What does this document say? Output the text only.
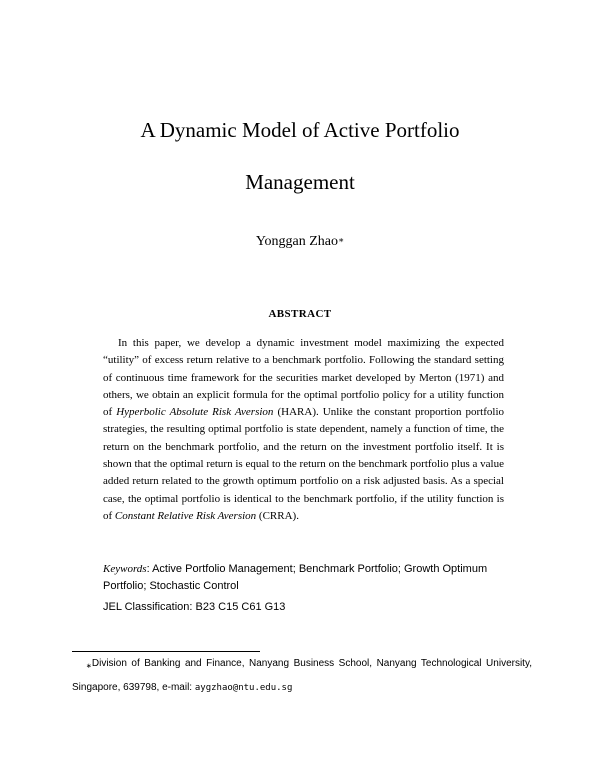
A Dynamic Model of Active Portfolio
Management
Yonggan Zhao∗
ABSTRACT

In this paper, we develop a dynamic investment model maximizing the expected “utility” of excess return relative to a benchmark portfolio. Following the standard setting of continuous time framework for the securities market developed by Merton (1971) and others, we obtain an explicit formula for the optimal portfolio policy for a utility function of Hyperbolic Absolute Risk Aversion (HARA). Unlike the constant proportion portfolio strategies, the resulting optimal portfolio is state dependent, namely a function of time, the return on the benchmark portfolio, and the return on the investment portfolio itself. It is shown that the optimal return is equal to the return on the benchmark portfolio plus a value added return related to the growth optimum portfolio on a risk adjusted basis. As a special case, the optimal portfolio is identical to the benchmark portfolio, if the utility function is of Constant Relative Risk Aversion (CRRA).

Keywords: Active Portfolio Management; Benchmark Portfolio; Growth Optimum Portfolio; Stochastic Control

JEL Classification: B23 C15 C61 G13

∗Division of Banking and Finance, Nanyang Business School, Nanyang Technological University, Singapore, 639798, e-mail: aygzhao@ntu.edu.sg
